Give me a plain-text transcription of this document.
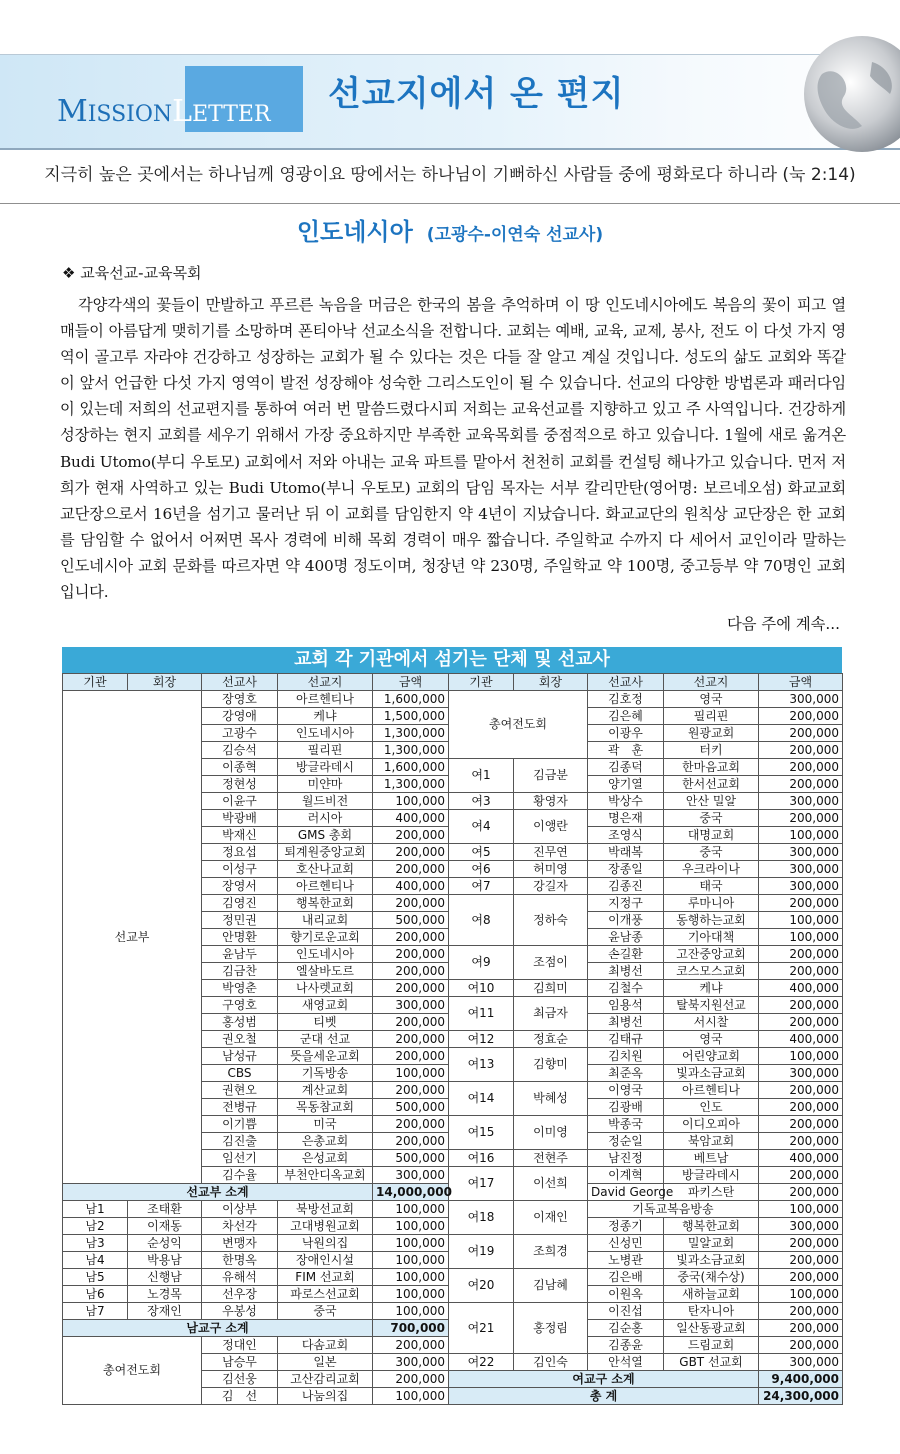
MISSIONLETTER
선교지에서 온 편지
지극히 높은 곳에서는 하나님께 영광이요 땅에서는 하나님이 기뻐하신 사람들 중에 평화로다 하니라 (눅 2:14)
인도네시아 (고광수-이연숙 선교사)
❖ 교육선교-교육목회
각양각색의 꽃들이 만발하고 푸르른 녹음을 머금은 한국의 봄을 추억하며 이 땅 인도네시아에도 복음의 꽃이 피고 열매들이 아름답게 맺히기를 소망하며 폰티아낙 선교소식을 전합니다. 교회는 예배, 교육, 교제, 봉사, 전도 이 다섯 가지 영역이 골고루 자라야 건강하고 성장하는 교회가 될 수 있다는 것은 다들 잘 알고 계실 것입니다. 성도의 삶도 교회와 똑같이 앞서 언급한 다섯 가지 영역이 발전 성장해야 성숙한 그리스도인이 될 수 있습니다. 선교의 다양한 방법론과 패러다임이 있는데 저희의 선교편지를 통하여 여러 번 말씀드렸다시피 저희는 교육선교를 지향하고 있고 주 사역입니다. 건강하게 성장하는 현지 교회를 세우기 위해서 가장 중요하지만 부족한 교육목회를 중점적으로 하고 있습니다. 1월에 새로 옮겨온 Budi Utomo(부디 우토모) 교회에서 저와 아내는 교육 파트를 맡아서 천천히 교회를 컨설팅 해나가고 있습니다. 먼저 저희가 현재 사역하고 있는 Budi Utomo(부니 우토모) 교회의 담임 목자는 서부 칼리만탄(영어명: 보르네오섬) 화교교회 교단장으로서 16년을 섬기고 물러난 뒤 이 교회를 담임한지 약 4년이 지났습니다. 화교교단의 원칙상 교단장은 한 교회를 담임할 수 없어서 어쩌면 목사 경력에 비해 목회 경력이 매우 짧습니다. 주일학교 수까지 다 세어서 교인이라 말하는 인도네시아 교회 문화를 따르자면 약 400명 정도이며, 청장년 약 230명, 주일학교 약 100명, 중고등부 약 70명인 교회입니다.
다음 주에 계속...
교회 각 기관에서 섬기는 단체 및 선교사
기관	회장	선교사	선교지	금액	기관	회장	선교사	선교지	금액
선교부		장영호	아르헨티나	1,600,000	총여전도회		김호정	영국	300,000
		강영애	케냐	1,500,000			김은혜	필리핀	200,000
		고광수	인도네시아	1,300,000			이광우	원광교회	200,000
		김승석	필리핀	1,300,000			곽　훈	터키	200,000
		이종혁	방글라데시	1,600,000	여1	김금분	김종덕	한마음교회	200,000
		정현성	미얀마	1,300,000			양기열	한서선교회	200,000
		이윤구	월드비전	100,000	여3	황영자	박상수	안산 밀알	300,000
		박광배	러시아	400,000	여4	이앵란	명은재	중국	200,000
		박재신	GMS 총회	200,000			조영식	대명교회	100,000
		정요섭	퇴계원중앙교회	200,000	여5	진무연	박래복	중국	300,000
		이성구	호산나교회	200,000	여6	허미영	장종일	우크라이나	300,000
		장영서	아르헨티나	400,000	여7	강길자	김종진	태국	300,000
		김영진	행복한교회	200,000	여8	정하숙	지정구	루마니아	200,000
		정민권	내리교회	500,000			이개풍	동행하는교회	100,000
		안명환	향기로운교회	200,000			윤남종	기아대책	100,000
		윤남두	인도네시아	200,000	여9	조점이	손길환	고잔중앙교회	200,000
		김금찬	엘살바도르	200,000			최병선	코스모스교회	200,000
		박영춘	나사렛교회	200,000	여10	김희미	김철수	케냐	400,000
		구영호	새영교회	300,000	여11	최금자	임용석	탈북지원선교	200,000
		홍성범	티벳	200,000			최병선	서시찰	200,000
		권오철	군대 선교	200,000	여12	정효순	김태규	영국	400,000
		남성규	뜻을세운교회	200,000	여13	김향미	김치원	어린양교회	100,000
		CBS	기독방송	100,000			최준옥	빛과소금교회	300,000
		권현오	계산교회	200,000	여14	박혜성	이영국	아르헨티나	200,000
		전병규	목동참교회	500,000			김광배	인도	200,000
		이기쁨	미국	200,000	여15	이미영	박종국	이디오피아	200,000
		김진출	은총교회	200,000			정순일	북암교회	200,000
		임선기	은성교회	500,000	여16	전현주	남진정	베트남	400,000
		김수율	부천안디옥교회	300,000	여17	이선희	이계혁	방글라데시	200,000
선교부 소계				14,000,000			David George	파키스탄	200,000
남1	조태환	이상부	북방선교회	100,000	여18	이재인	기독교복음방송		100,000
남2	이재동	차선각	고대병원교회	100,000			정종기	행복한교회	300,000
남3	순성익	변맹자	낙원의집	100,000	여19	조희경	신성민	밀알교회	200,000
남4	박용남	한명옥	장애인시설	100,000			노병관	빛과소금교회	200,000
남5	신행남	유해석	FIM 선교회	100,000	여20	김남혜	김은배	중국(채수상)	200,000
남6	노경목	선우장	파로스선교회	100,000			이원옥	새하늘교회	100,000
남7	장재인	우봉성	중국	100,000	여21	홍정림	이진섭	탄자니아	200,000
남교구 소계				700,000			김순홍	일산동광교회	200,000
총여전도회		정대인	다솜교회	200,000			김종윤	드림교회	200,000
		남승무	일본	300,000	여22	김인숙	안석열	GBT 선교회	300,000
		김선웅	고산감리교회	200,000	여교구 소계				9,400,000
		김　선	나눔의집	100,000	총 계				24,300,000
